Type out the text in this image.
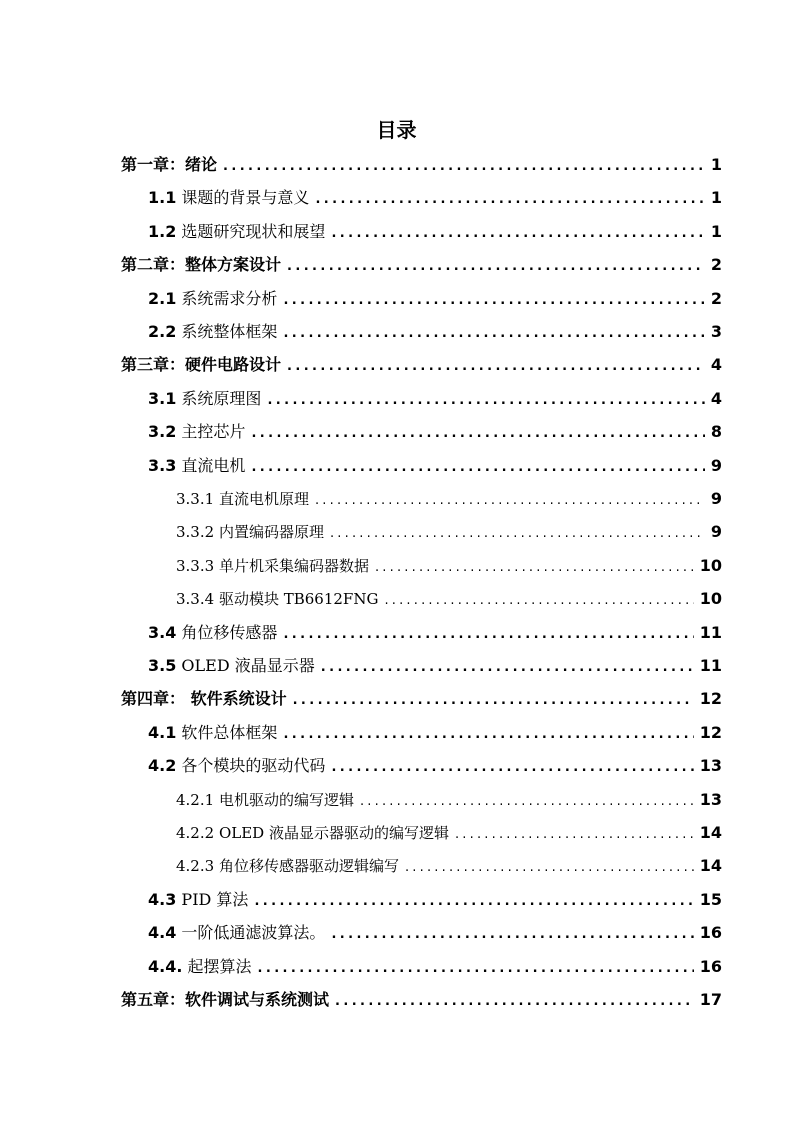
目录
第一章：绪论 .....	1
1.1 课题的背景与意义 .....	1
1.2 选题研究现状和展望 .....	1
第二章：整体方案设计 .....	2
2.1 系统需求分析 .....	2
2.2 系统整体框架 .....	3
第三章：硬件电路设计 .....	4
3.1 系统原理图 .....	4
3.2 主控芯片 .....	8
3.3 直流电机 .....	9
3.3.1 直流电机原理 .....	9
3.3.2 内置编码器原理 .....	9
3.3.3 单片机采集编码器数据 .....	10
3.3.4 驱动模块 TB6612FNG .....	10
3.4 角位移传感器 .....	11
3.5 OLED 液晶显示器 .....	11
第四章： 软件系统设计 .....	12
4.1 软件总体框架 .....	12
4.2 各个模块的驱动代码 .....	13
4.2.1 电机驱动的编写逻辑 .....	13
4.2.2 OLED 液晶显示器驱动的编写逻辑 .....	14
4.2.3 角位移传感器驱动逻辑编写 .....	14
4.3 PID 算法 .....	15
4.4 一阶低通滤波算法。 .....	16
4.4. 起摆算法 .....	16
第五章：软件调试与系统测试 .....	17
